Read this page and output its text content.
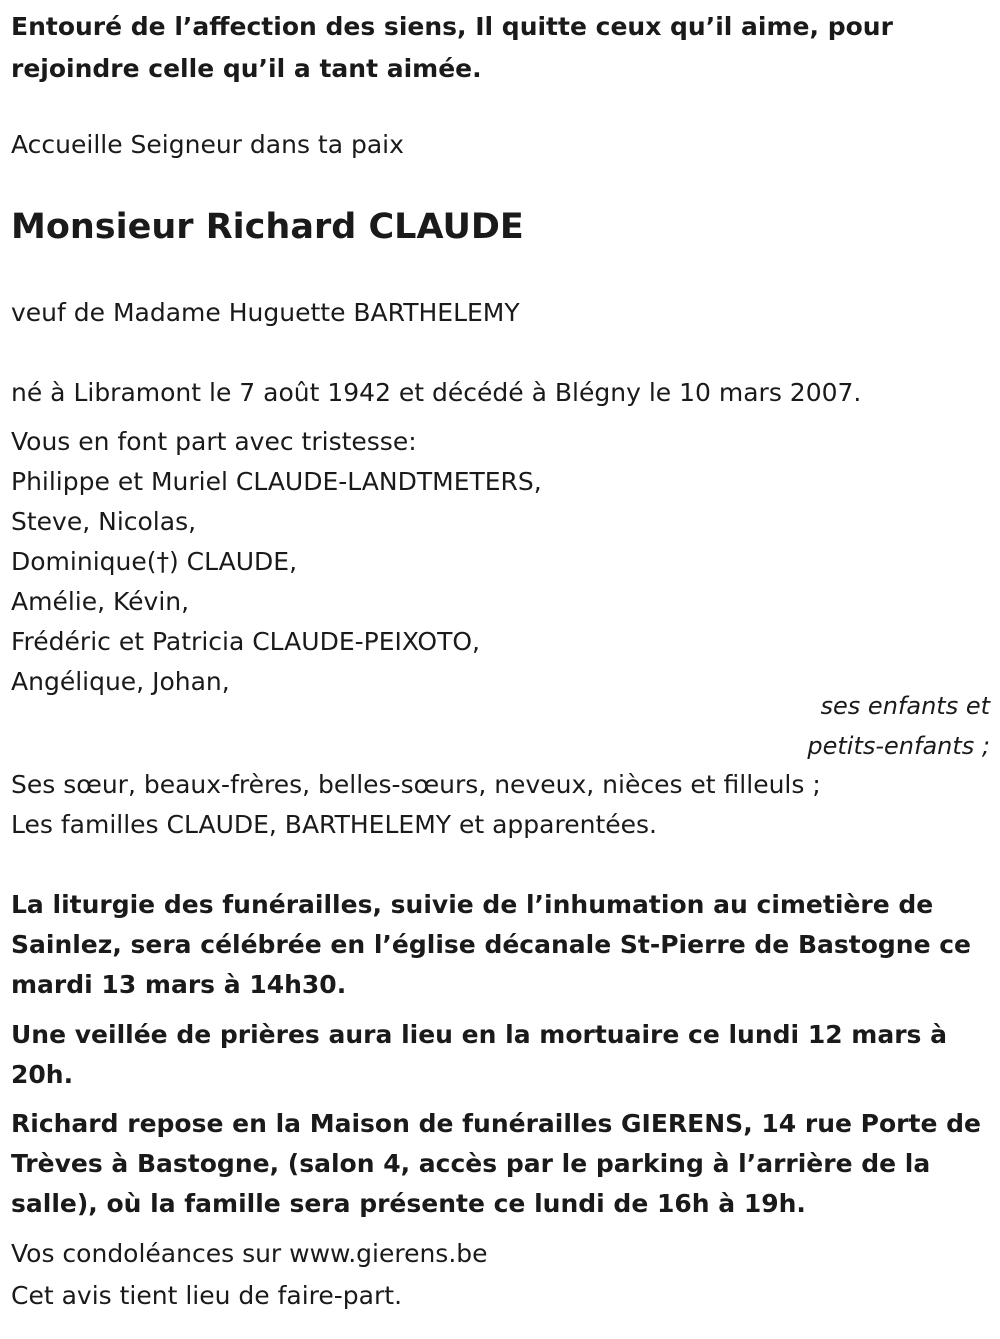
Entouré de l’affection des siens, Il quitte ceux qu’il aime, pour rejoindre celle qu’il a tant aimée.

Accueille Seigneur dans ta paix

Monsieur Richard CLAUDE

veuf de Madame Huguette BARTHELEMY

né à Libramont le 7 août 1942 et décédé à Blégny le 10 mars 2007.

Vous en font part avec tristesse:

Philippe et Muriel CLAUDE-LANDTMETERS,

Steve, Nicolas,

Dominique(†) CLAUDE,

Amélie, Kévin,

Frédéric et Patricia CLAUDE-PEIXOTO,

Angélique, Johan,

ses enfants et

petits-enfants ;

Ses sœur, beaux-frères, belles-sœurs, neveux, nièces et filleuls ;

Les familles CLAUDE, BARTHELEMY et apparentées.

La liturgie des funérailles, suivie de l’inhumation au cimetière de Sainlez, sera célébrée en l’église décanale St-Pierre de Bastogne ce mardi 13 mars à 14h30.

Une veillée de prières aura lieu en la mortuaire ce lundi 12 mars à 20h.

Richard repose en la Maison de funérailles GIERENS, 14 rue Porte de Trèves à Bastogne, (salon 4, accès par le parking à l’arrière de la salle), où la famille sera présente ce lundi de 16h à 19h.

Vos condoléances sur www.gierens.be

Cet avis tient lieu de faire-part.
